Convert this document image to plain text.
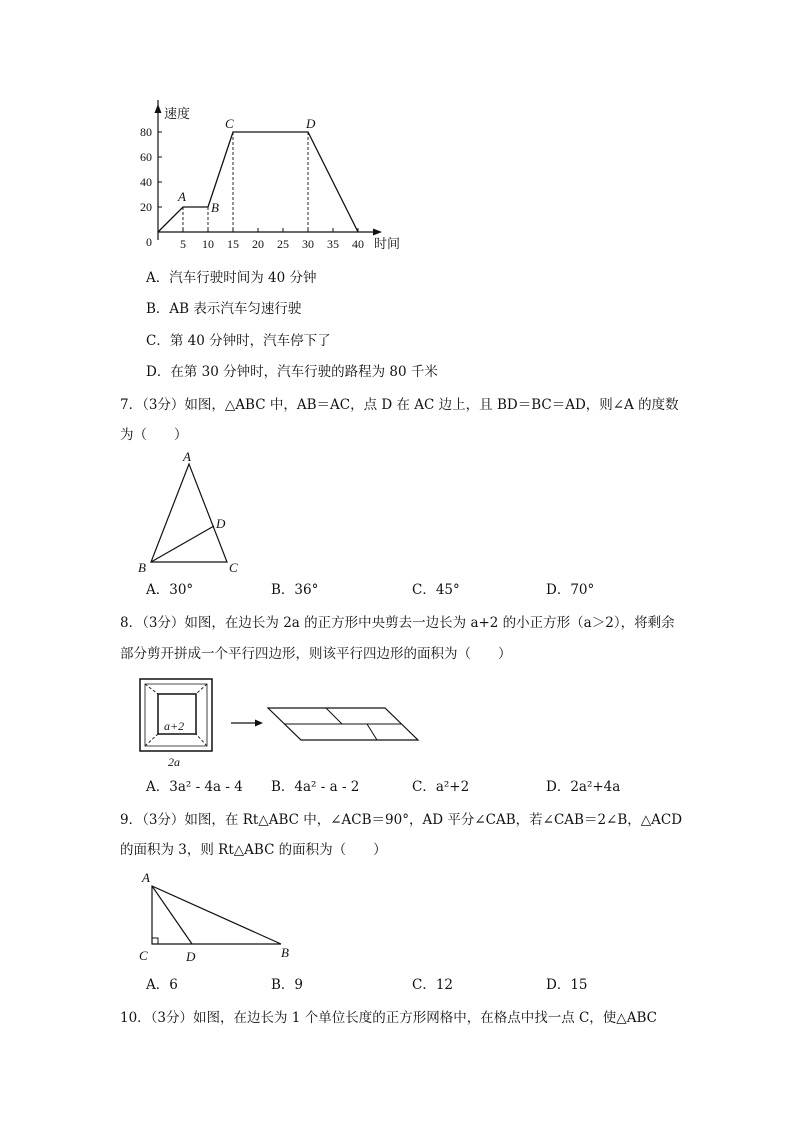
速度
时间
0
20
40
60
80
5 10 15 20 25 30 35 40
A
B
C	D
A．汽车行驶时间为 40 分钟
B．AB 表示汽车匀速行驶
C．第 40 分钟时，汽车停下了
D．在第 30 分钟时，汽车行驶的路程为 80 千米
7．（3分）如图，△ABC 中，AB＝AC，点 D 在 AC 边上，且 BD＝BC＝AD，则∠A 的度数
为（　　）
A
B	C
D
A．30°	B．36°	C．45°	D．70°
8．（3分）如图，在边长为 2a 的正方形中央剪去一边长为 a+2 的小正方形（a＞2），将剩余
部分剪开拼成一个平行四边形，则该平行四边形的面积为（　　）
a+2
2a
A．3a² - 4a - 4 B．4a² - a - 2	C．a²+2	D．2a²+4a
9．（3分）如图，在 Rt△ABC 中，∠ACB＝90°，AD 平分∠CAB，若∠CAB＝2∠B，△ACD
的面积为 3，则 Rt△ABC 的面积为（　　）
A
C	D	B
A．6	B．9	C．12	D．15
10．（3分）如图，在边长为 1 个单位长度的正方形网格中，在格点中找一点 C，使△ABC
